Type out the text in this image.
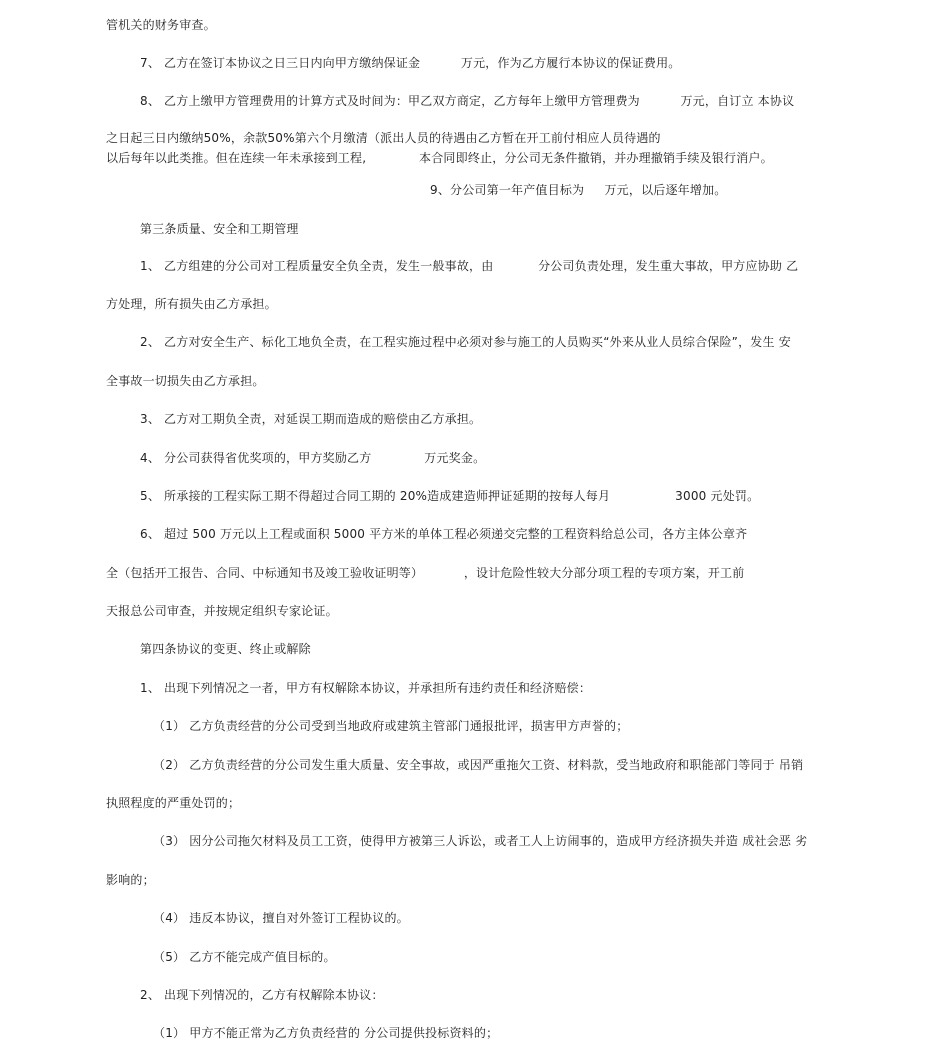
管机关的财务审查。
7、 乙方在签订本协议之日三日内向甲方缴纳保证金 　　　万元，作为乙方履行本协议的保证费用。
8、 乙方上缴甲方管理费用的计算方式及时间为：甲乙双方商定，乙方每年上缴甲方管理费为 　　　万元，自订立 本协议
之日起三日内缴纳50%，余款50%第六个月缴清（派出人员的待遇由乙方暂在开工前付相应人员待遇的
以后每年以此类推。但在连续一年未承接到工程, 　　　　本合同即终止，分公司无条件撤销，并办理撤销手续及银行消户。
9、分公司第一年产值目标为 　 万元，以后逐年增加。
第三条质量、安全和工期管理
1、 乙方组建的分公司对工程质量安全负全责，发生一般事故，由 　　　 分公司负责处理，发生重大事故，甲方应协助 乙
方处理，所有损失由乙方承担。
2、 乙方对安全生产、标化工地负全责，在工程实施过程中必须对参与施工的人员购买“外来从业人员综合保险”，发生 安
全事故一切损失由乙方承担。
3、 乙方对工期负全责，对延误工期而造成的赔偿由乙方承担。
4、 分公司获得省优奖项的，甲方奖励乙方 　　　　万元奖金。
5、 所承接的工程实际工期不得超过合同工期的 20%造成建造师押证延期的按每人每月 　　　　　3000 元处罚。
6、 超过 500 万元以上工程或面积 5000 平方米的单体工程必须递交完整的工程资料给总公司，各方主体公章齐
全（包括开工报告、合同、中标通知书及竣工验收证明等） 　　　，设计危险性较大分部分项工程的专项方案，开工前
天报总公司审查，并按规定组织专家论证。
第四条协议的变更、终止或解除
1、 出现下列情况之一者，甲方有权解除本协议，并承担所有违约责任和经济赔偿：
（1） 乙方负责经营的分公司受到当地政府或建筑主管部门通报批评，损害甲方声誉的；
（2） 乙方负责经营的分公司发生重大质量、安全事故，或因严重拖欠工资、材料款，受当地政府和职能部门等同于 吊销
执照程度的严重处罚的；
（3） 因分公司拖欠材料及员工工资，使得甲方被第三人诉讼，或者工人上访闹事的，造成甲方经济损失并造 成社会恶 劣
影响的；
（4） 违反本协议，擅自对外签订工程协议的。
（5） 乙方不能完成产值目标的。
2、 出现下列情况的，乙方有权解除本协议：
（1） 甲方不能正常为乙方负责经营的 分公司提供投标资料的；
